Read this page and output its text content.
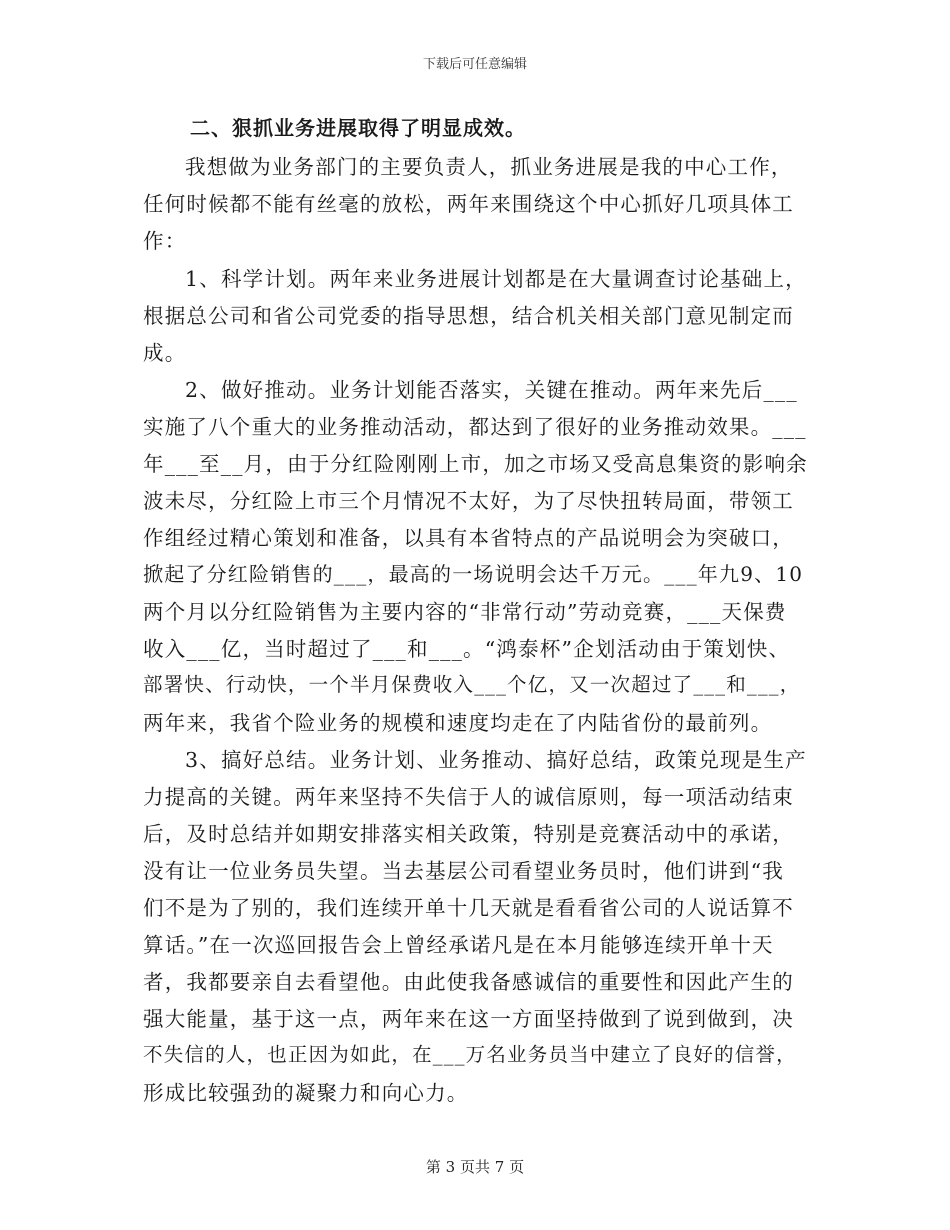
下载后可任意编辑
二、狠抓业务进展取得了明显成效。
我想做为业务部门的主要负责人，抓业务进展是我的中心工作，
任何时候都不能有丝毫的放松，两年来围绕这个中心抓好几项具体工
作：
1、科学计划。两年来业务进展计划都是在大量调查讨论基础上，
根据总公司和省公司党委的指导思想，结合机关相关部门意见制定而
成。
2、做好推动。业务计划能否落实，关键在推动。两年来先后___
实施了八个重大的业务推动活动，都达到了很好的业务推动效果。___
年___至__月，由于分红险刚刚上市，加之市场又受高息集资的影响余
波未尽，分红险上市三个月情况不太好，为了尽快扭转局面，带领工
作组经过精心策划和准备，以具有本省特点的产品说明会为突破口，
掀起了分红险销售的___，最高的一场说明会达千万元。___年九9、10
两个月以分红险销售为主要内容的“非常行动”劳动竞赛，___天保费
收入___亿，当时超过了___和___。“鸿泰杯”企划活动由于策划快、
部署快、行动快，一个半月保费收入___个亿，又一次超过了___和___，
两年来，我省个险业务的规模和速度均走在了内陆省份的最前列。
3、搞好总结。业务计划、业务推动、搞好总结，政策兑现是生产
力提高的关键。两年来坚持不失信于人的诚信原则，每一项活动结束
后，及时总结并如期安排落实相关政策，特别是竞赛活动中的承诺，
没有让一位业务员失望。当去基层公司看望业务员时，他们讲到“我
们不是为了别的，我们连续开单十几天就是看看省公司的人说话算不
算话。”在一次巡回报告会上曾经承诺凡是在本月能够连续开单十天
者，我都要亲自去看望他。由此使我备感诚信的重要性和因此产生的
强大能量，基于这一点，两年来在这一方面坚持做到了说到做到，决
不失信的人，也正因为如此，在___万名业务员当中建立了良好的信誉，
形成比较强劲的凝聚力和向心力。
第 3 页共 7 页
